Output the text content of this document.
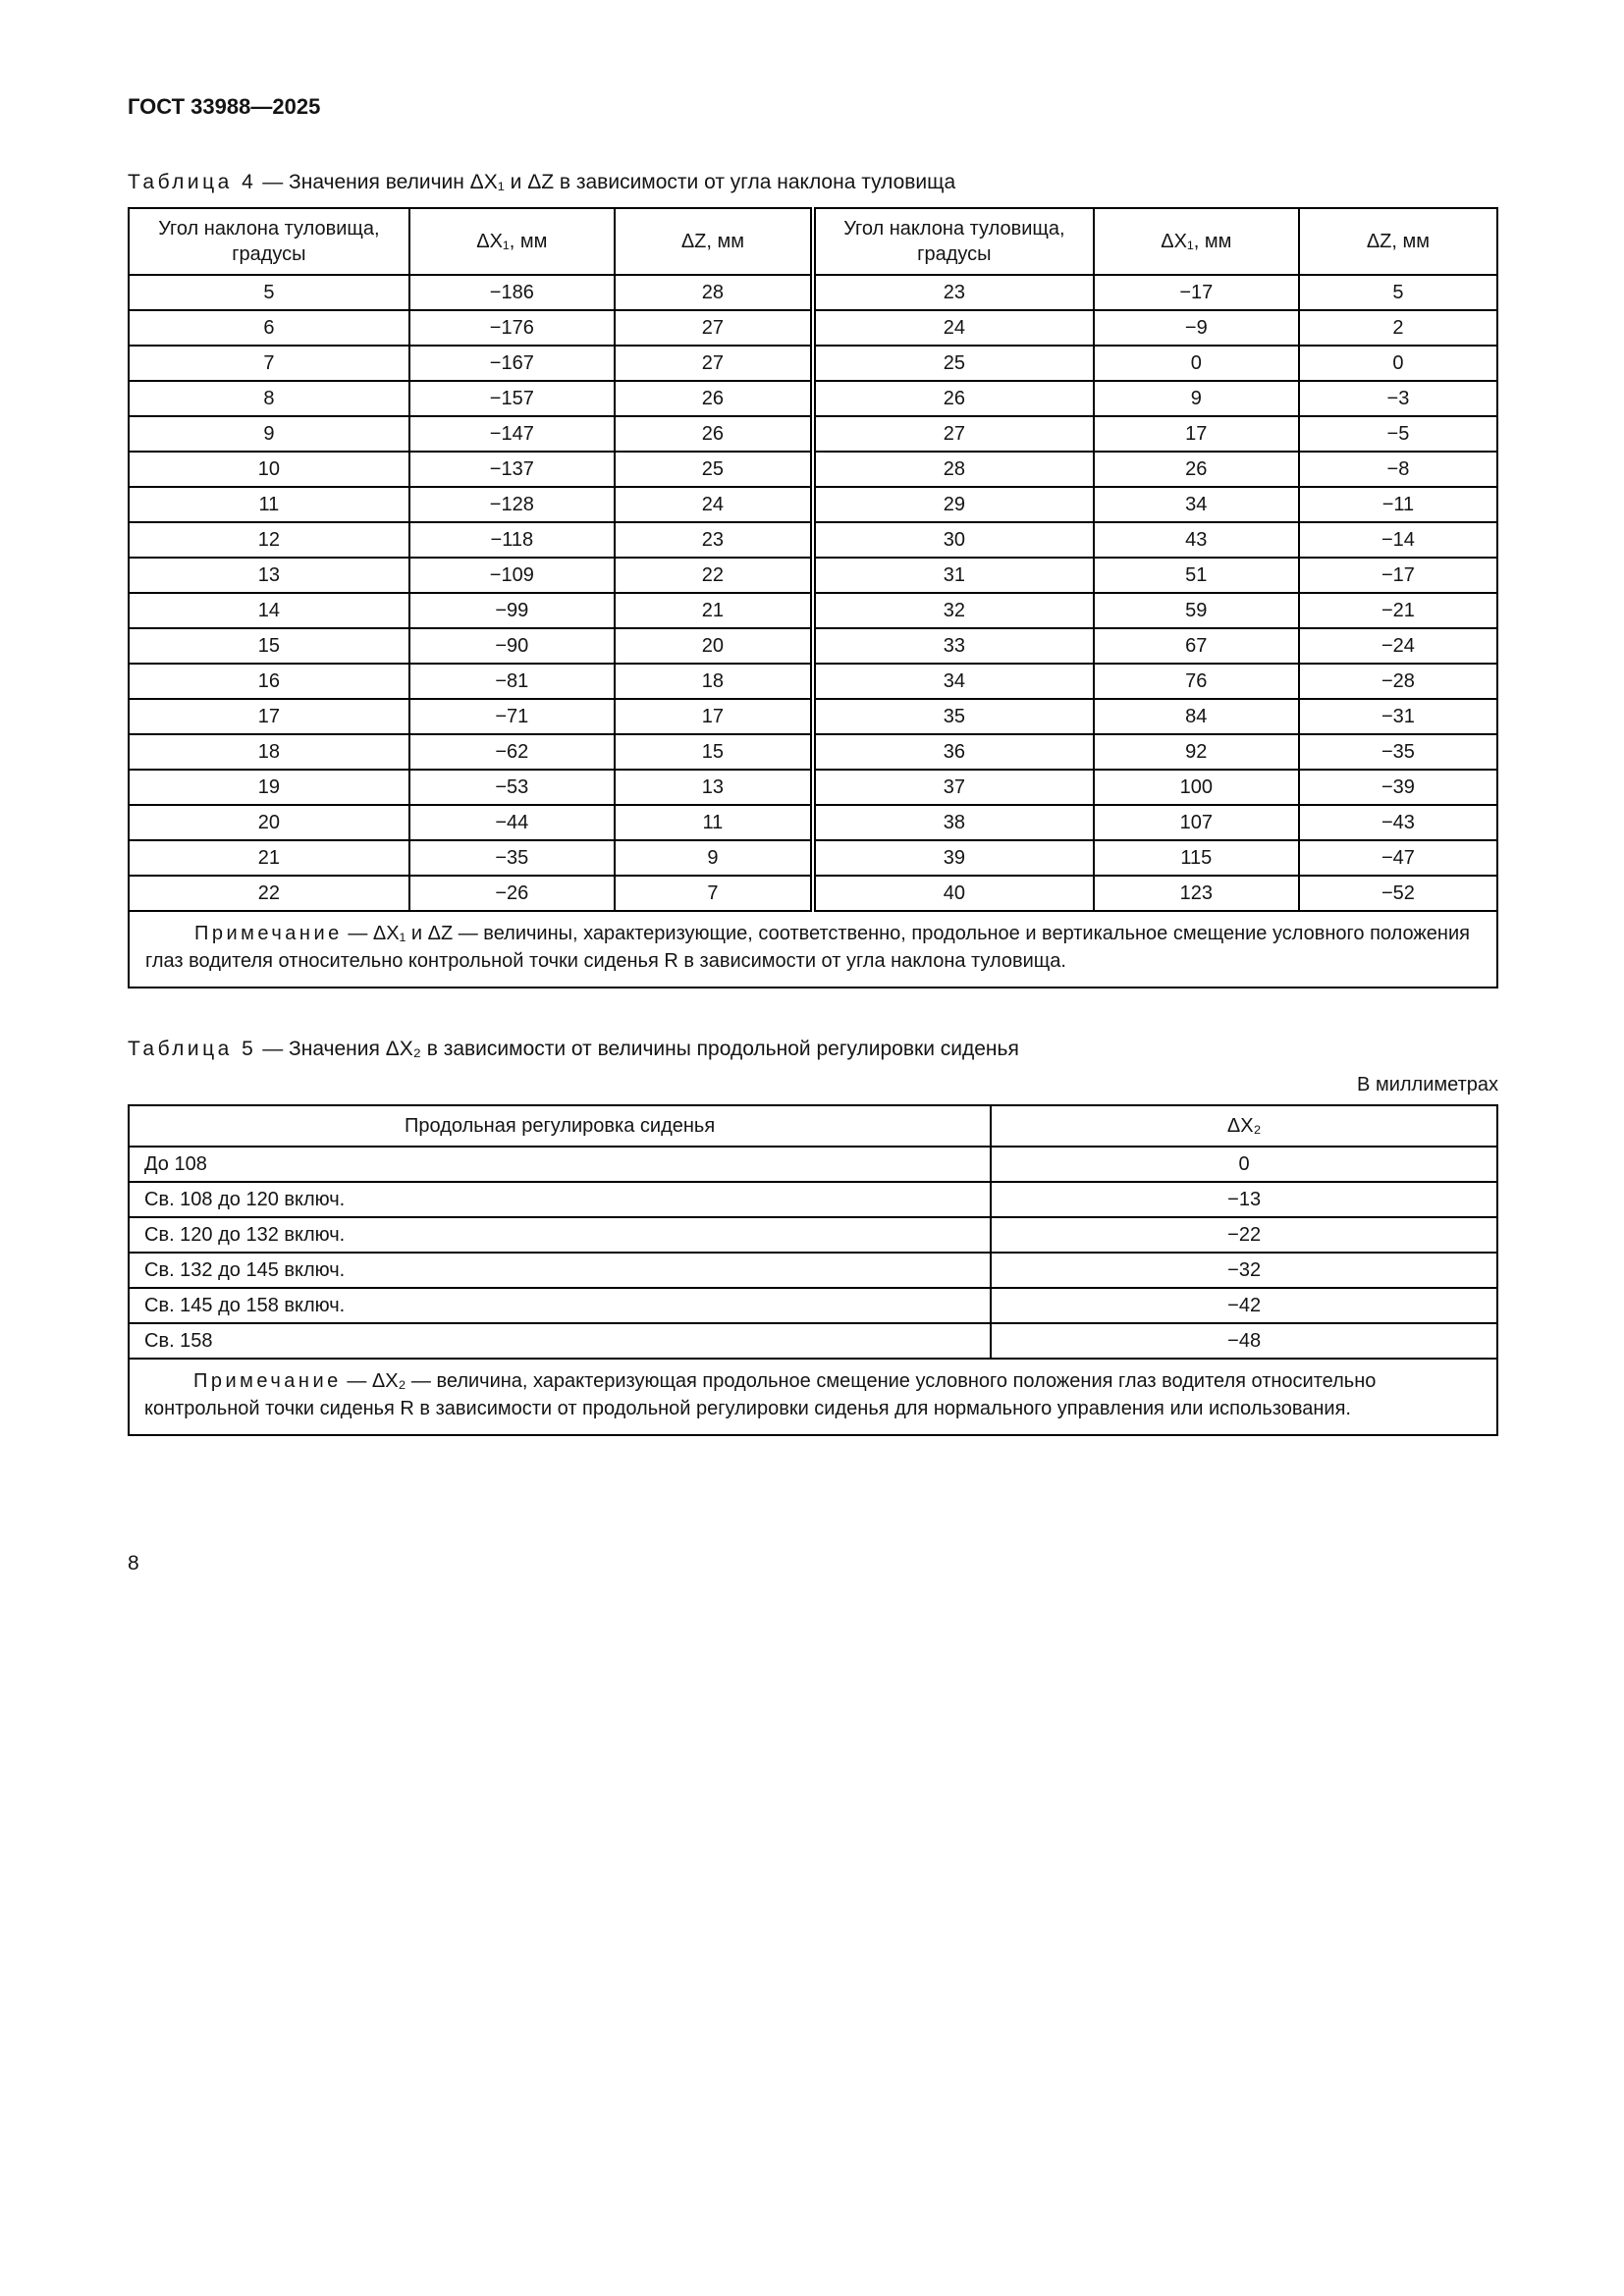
ГОСТ 33988—2025

Таблица 4 — Значения величин ΔX₁ и ΔZ в зависимости от угла наклона туловища

Угол наклона туловища, градусы	ΔX₁, мм	ΔZ, мм	Угол наклона туловища, градусы	ΔX₁, мм	ΔZ, мм
5	−186	28	23	−17	5
6	−176	27	24	−9	2
7	−167	27	25	0	0
8	−157	26	26	9	−3
9	−147	26	27	17	−5
10	−137	25	28	26	−8
11	−128	24	29	34	−11
12	−118	23	30	43	−14
13	−109	22	31	51	−17
14	−99	21	32	59	−21
15	−90	20	33	67	−24
16	−81	18	34	76	−28
17	−71	17	35	84	−31
18	−62	15	36	92	−35
19	−53	13	37	100	−39
20	−44	11	38	107	−43
21	−35	9	39	115	−47
22	−26	7	40	123	−52

Примечание — ΔX₁ и ΔZ — величины, характеризующие, соответственно, продольное и вертикальное смещение условного положения глаз водителя относительно контрольной точки сиденья R в зависимости от угла наклона туловища.					

Таблица 5 — Значения ΔX₂ в зависимости от величины продольной регулировки сиденья

В миллиметрах
Продольная регулировка сиденья	ΔX₂
До 108	0
Св. 108 до 120 включ.	−13
Св. 120 до 132 включ.	−22
Св. 132 до 145 включ.	−32
Св. 145 до 158 включ.	−42
Св. 158	−48

Примечание — ΔX₂ — величина, характеризующая продольное смещение условного положения глаз водителя относительно контрольной точки сиденья R в зависимости от продольной регулировки сиденья для нормального управления или использования.	

8
